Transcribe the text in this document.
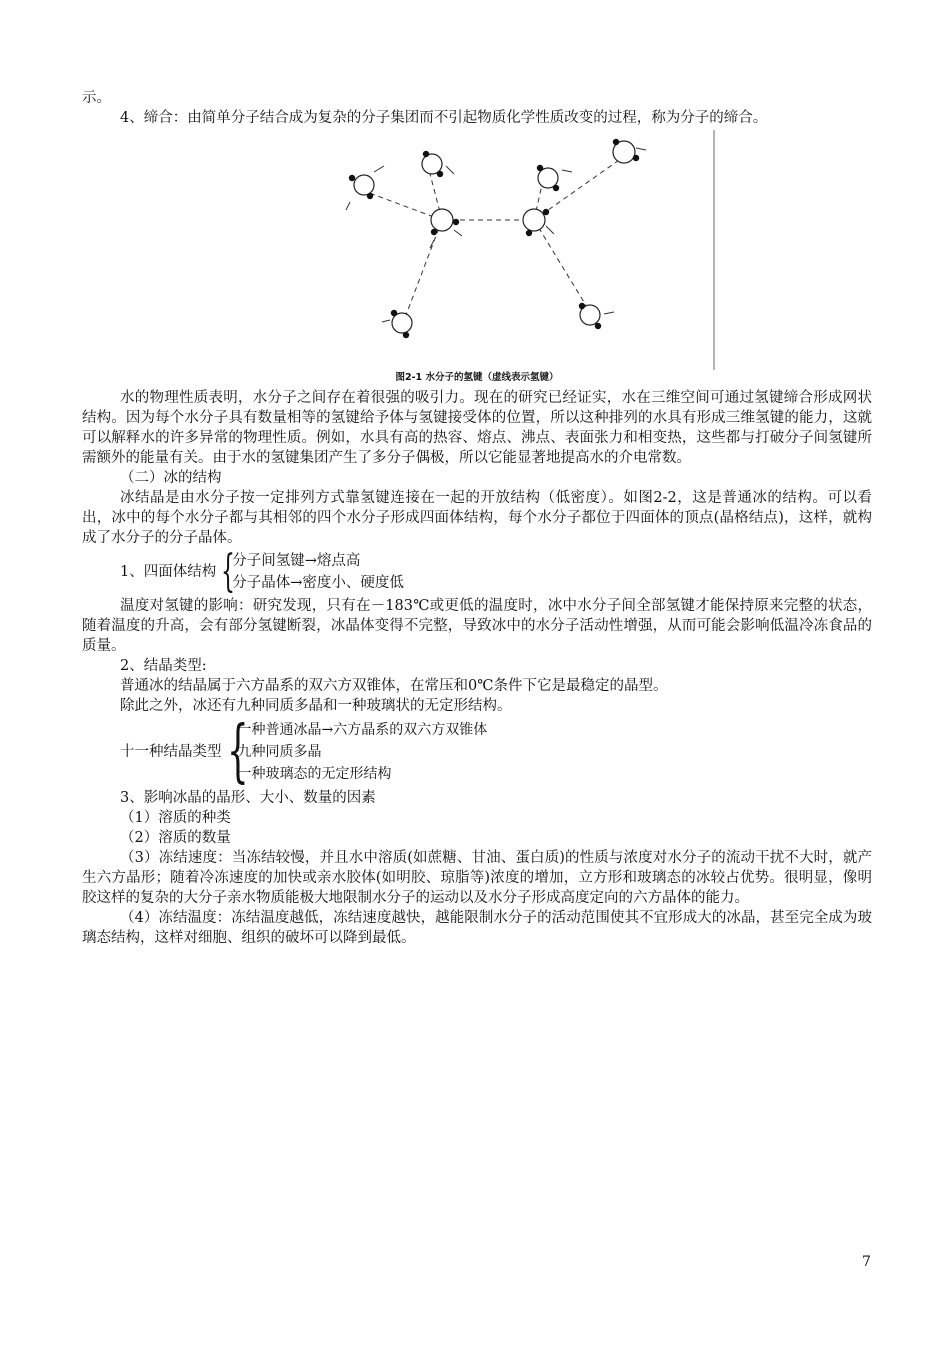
示。

4、缔合：由简单分子结合成为复杂的分子集团而不引起物质化学性质改变的过程，称为分子的缔合。

图2-1 水分子的氢键（虚线表示氢键）

水的物理性质表明，水分子之间存在着很强的吸引力。现在的研究已经证实，水在三维空间可通过氢键缔合形成网状结构。因为每个水分子具有数量相等的氢键给予体与氢键接受体的位置，所以这种排列的水具有形成三维氢键的能力，这就可以解释水的许多异常的物理性质。例如，水具有高的热容、熔点、沸点、表面张力和相变热，这些都与打破分子间氢键所需额外的能量有关。由于水的氢键集团产生了多分子偶极，所以它能显著地提高水的介电常数。

（二）冰的结构

冰结晶是由水分子按一定排列方式靠氢键连接在一起的开放结构（低密度）。如图2-2，这是普通冰的结构。可以看出，冰中的每个水分子都与其相邻的四个水分子形成四面体结构，每个水分子都位于四面体的顶点(晶格结点)，这样，就构成了水分子的分子晶体。

1、四面体结构 {
分子间氢键→熔点高
分子晶体→密度小、硬度低

温度对氢键的影响：研究发现，只有在－183℃或更低的温度时，冰中水分子间全部氢键才能保持原来完整的状态，随着温度的升高，会有部分氢键断裂，冰晶体变得不完整，导致冰中的水分子活动性增强，从而可能会影响低温冷冻食品的质量。

2、结晶类型:

普通冰的结晶属于六方晶系的双六方双锥体，在常压和0℃条件下它是最稳定的晶型。

除此之外，冰还有九种同质多晶和一种玻璃状的无定形结构。

十一种结晶类型 {
一种普通冰晶→六方晶系的双六方双锥体
九种同质多晶
一种玻璃态的无定形结构

3、影响冰晶的晶形、大小、数量的因素

（1）溶质的种类

（2）溶质的数量

（3）冻结速度：当冻结较慢，并且水中溶质(如蔗糖、甘油、蛋白质)的性质与浓度对水分子的流动干扰不大时，就产生六方晶形；随着冷冻速度的加快或亲水胶体(如明胶、琼脂等)浓度的增加，立方形和玻璃态的冰较占优势。很明显，像明胶这样的复杂的大分子亲水物质能极大地限制水分子的运动以及水分子形成高度定向的六方晶体的能力。

（4）冻结温度：冻结温度越低，冻结速度越快，越能限制水分子的活动范围使其不宜形成大的冰晶，甚至完全成为玻璃态结构，这样对细胞、组织的破坏可以降到最低。

7
